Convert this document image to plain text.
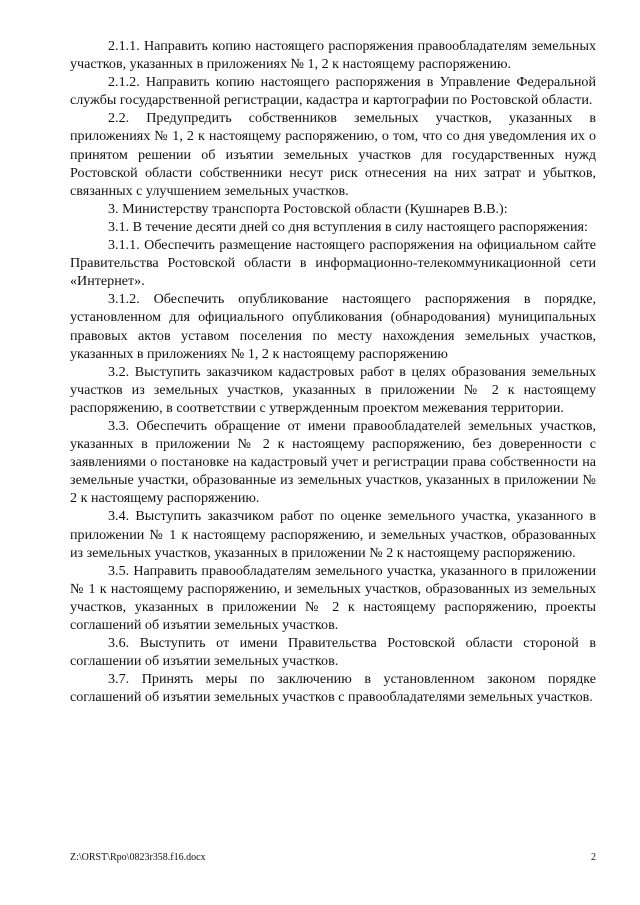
2.1.1. Направить копию настоящего распоряжения правообладателям земельных участков, указанных в приложениях № 1, 2 к настоящему распоряжению.

2.1.2. Направить копию настоящего распоряжения в Управление Федеральной службы государственной регистрации, кадастра и картографии по Ростовской области.

2.2. Предупредить собственников земельных участков, указанных в приложениях № 1, 2 к настоящему распоряжению, о том, что со дня уведомления их о принятом решении об изъятии земельных участков для государственных нужд Ростовской области собственники несут риск отнесения на них затрат и убытков, связанных с улучшением земельных участков.

3. Министерству транспорта Ростовской области (Кушнарев В.В.):

3.1. В течение десяти дней со дня вступления в силу настоящего распоряжения:

3.1.1. Обеспечить размещение настоящего распоряжения на официальном сайте Правительства Ростовской области в информационно-телекоммуникационной сети «Интернет».

3.1.2. Обеспечить опубликование настоящего распоряжения в порядке, установленном для официального опубликования (обнародования) муниципальных правовых актов уставом поселения по месту нахождения земельных участков, указанных в приложениях № 1, 2 к настоящему распоряжению

3.2. Выступить заказчиком кадастровых работ в целях образования земельных участков из земельных участков, указанных в приложении № 2 к настоящему распоряжению, в соответствии с утвержденным проектом межевания территории.

3.3. Обеспечить обращение от имени правообладателей земельных участков, указанных в приложении № 2 к настоящему распоряжению, без доверенности с заявлениями о постановке на кадастровый учет и регистрации права собственности на земельные участки, образованные из земельных участков, указанных в приложении № 2 к настоящему распоряжению.

3.4. Выступить заказчиком работ по оценке земельного участка, указанного в приложении № 1 к настоящему распоряжению, и земельных участков, образованных из земельных участков, указанных в приложении № 2 к настоящему распоряжению.

3.5. Направить правообладателям земельного участка, указанного в приложении № 1 к настоящему распоряжению, и земельных участков, образованных из земельных участков, указанных в приложении № 2 к настоящему распоряжению, проекты соглашений об изъятии земельных участков.

3.6. Выступить от имени Правительства Ростовской области стороной в соглашении об изъятии земельных участков.

3.7. Принять меры по заключению в установленном законом порядке соглашений об изъятии земельных участков с правообладателями земельных участков.

Z:\ORST\Rpo\0823r358.f16.docx	2
